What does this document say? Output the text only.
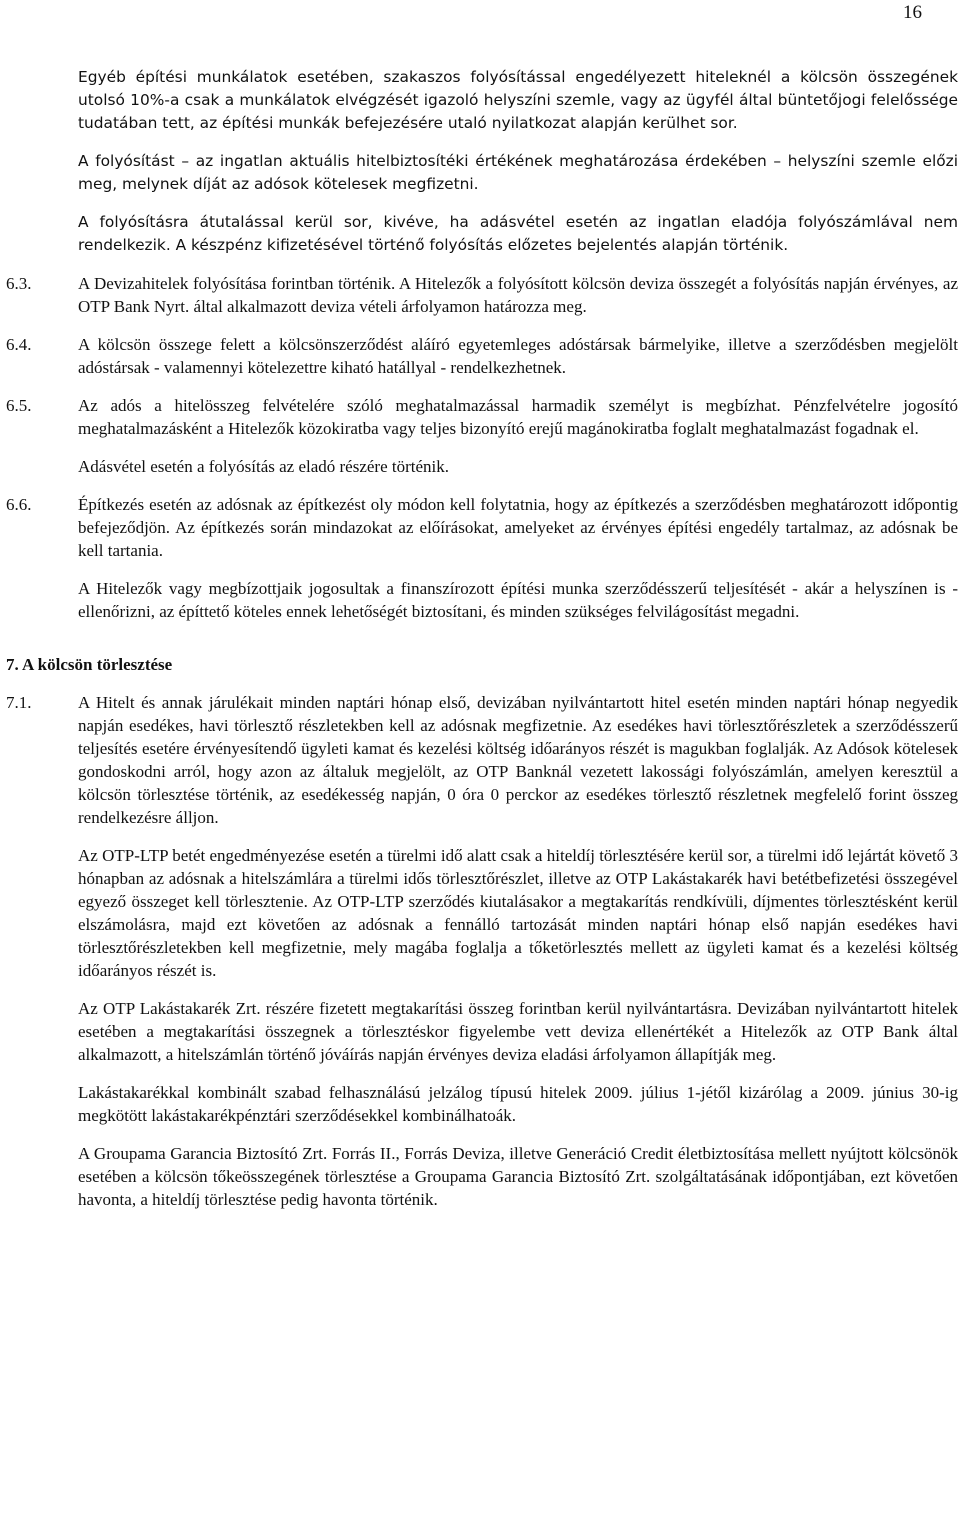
16

Egyéb építési munkálatok esetében, szakaszos folyósítással engedélyezett hiteleknél a kölcsön összegének utolsó 10%-a csak a munkálatok elvégzését igazoló helyszíni szemle, vagy az ügyfél által büntetőjogi felelőssége tudatában tett, az építési munkák befejezésére utaló nyilatkozat alapján kerülhet sor.

A folyósítást – az ingatlan aktuális hitelbiztosítéki értékének meghatározása érdekében – helyszíni szemle előzi meg, melynek díját az adósok kötelesek megfizetni.

A folyósításra átutalással kerül sor, kivéve, ha adásvétel esetén az ingatlan eladója folyószámlával nem rendelkezik. A készpénz kifizetésével történő folyósítás előzetes bejelentés alapján történik.

6.3.	A Devizahitelek folyósítása forintban történik. A Hitelezők a folyósított kölcsön deviza összegét a folyósítás napján érvényes, az OTP Bank Nyrt. által alkalmazott deviza vételi árfolyamon határozza meg.
6.4.	A kölcsön összege felett a kölcsönszerződést aláíró egyetemleges adóstársak bármelyike, illetve a szerződésben megjelölt adóstársak - valamennyi kötelezettre kiható hatállyal - rendelkezhetnek.
6.5.	Az adós a hitelösszeg felvételére szóló meghatalmazással harmadik személyt is megbízhat. Pénzfelvételre jogosító meghatalmazásként a Hitelezők közokiratba vagy teljes bizonyító erejű magánokiratba foglalt meghatalmazást fogadnak el.

Adásvétel esetén a folyósítás az eladó részére történik.

6.6.	Építkezés esetén az adósnak az építkezést oly módon kell folytatnia, hogy az építkezés a szerződésben meghatározott időpontig befejeződjön. Az építkezés során mindazokat az előírásokat, amelyeket az érvényes építési engedély tartalmaz, az adósnak be kell tartania.

A Hitelezők vagy megbízottjaik jogosultak a finanszírozott építési munka szerződésszerű teljesítését - akár a helyszínen is - ellenőrizni, az építtető köteles ennek lehetőségét biztosítani, és minden szükséges felvilágosítást megadni.

7. A kölcsön törlesztése
7.1.	A Hitelt és annak járulékait minden naptári hónap első, devizában nyilvántartott hitel esetén minden naptári hónap negyedik napján esedékes, havi törlesztő részletekben kell az adósnak megfizetnie. Az esedékes havi törlesztőrészletek a szerződésszerű teljesítés esetére érvényesítendő ügyleti kamat és kezelési költség időarányos részét is magukban foglalják. Az Adósok kötelesek gondoskodni arról, hogy azon az általuk megjelölt, az OTP Banknál vezetett lakossági folyószámlán, amelyen keresztül a kölcsön törlesztése történik, az esedékesség napján, 0 óra 0 perckor az esedékes törlesztő részletnek megfelelő forint összeg rendelkezésre álljon.

Az OTP-LTP betét engedményezése esetén a türelmi idő alatt csak a hiteldíj törlesztésére kerül sor, a türelmi idő lejártát követő 3 hónapban az adósnak a hitelszámlára a türelmi idős törlesztőrészlet, illetve az OTP Lakástakarék havi betétbefizetési összegével egyező összeget kell törlesztenie. Az OTP-LTP szerződés kiutalásakor a megtakarítás rendkívüli, díjmentes törlesztésként kerül elszámolásra, majd ezt követően az adósnak a fennálló tartozását minden naptári hónap első napján esedékes havi törlesztőrészletekben kell megfizetnie, mely magába foglalja a tőketörlesztés mellett az ügyleti kamat és a kezelési költség időarányos részét is.

Az OTP Lakástakarék Zrt. részére fizetett megtakarítási összeg forintban kerül nyilvántartásra. Devizában nyilvántartott hitelek esetében a megtakarítási összegnek a törlesztéskor figyelembe vett deviza ellenértékét a Hitelezők az OTP Bank által alkalmazott, a hitelszámlán történő jóváírás napján érvényes deviza eladási árfolyamon állapítják meg.

Lakástakarékkal kombinált szabad felhasználású jelzálog típusú hitelek 2009. július 1-jétől kizárólag a 2009. június 30-ig megkötött lakástakarékpénztári szerződésekkel kombinálhatoák.

A Groupama Garancia Biztosító Zrt. Forrás II., Forrás Deviza, illetve Generáció Credit életbiztosítása mellett nyújtott kölcsönök esetében a kölcsön tőkeösszegének törlesztése a Groupama Garancia Biztosító Zrt. szolgáltatásának időpontjában, ezt követően havonta, a hiteldíj törlesztése pedig havonta történik.
